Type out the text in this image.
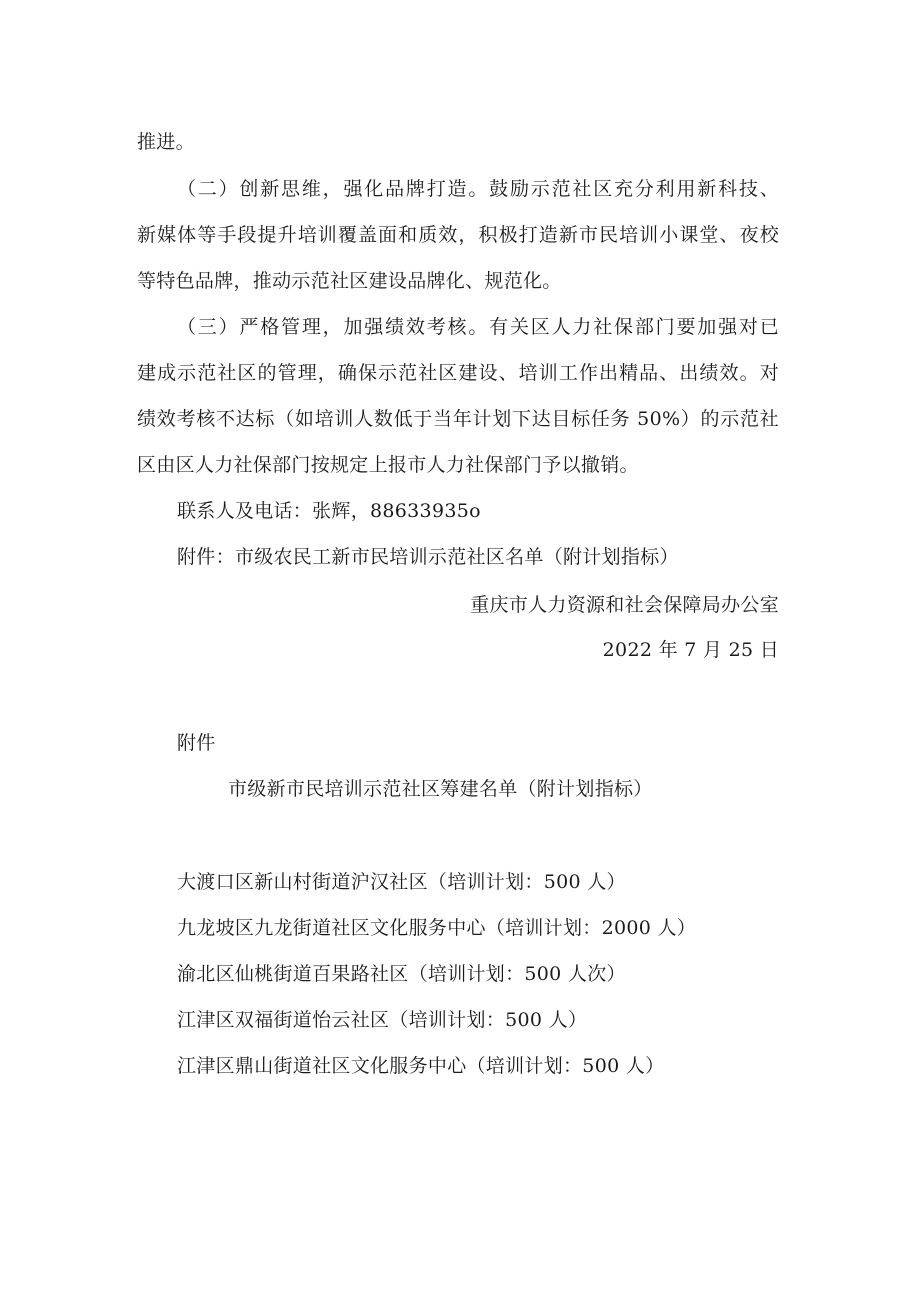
推进。
（二）创新思维，强化品牌打造。鼓励示范社区充分利用新科技、
新媒体等手段提升培训覆盖面和质效，积极打造新市民培训小课堂、夜校
等特色品牌，推动示范社区建设品牌化、规范化。
（三）严格管理，加强绩效考核。有关区人力社保部门要加强对已
建成示范社区的管理，确保示范社区建设、培训工作出精品、出绩效。对
绩效考核不达标（如培训人数低于当年计划下达目标任务 50%）的示范社
区由区人力社保部门按规定上报市人力社保部门予以撤销。
联系人及电话：张辉，88633935o
附件：市级农民工新市民培训示范社区名单（附计划指标）
重庆市人力资源和社会保障局办公室
2022 年 7 月 25 日
附件
市级新市民培训示范社区筹建名单（附计划指标）
大渡口区新山村街道沪汉社区（培训计划：500 人）
九龙坡区九龙街道社区文化服务中心（培训计划：2000 人）
渝北区仙桃街道百果路社区（培训计划：500 人次）
江津区双福街道怡云社区（培训计划：500 人）
江津区鼎山街道社区文化服务中心（培训计划：500 人）
